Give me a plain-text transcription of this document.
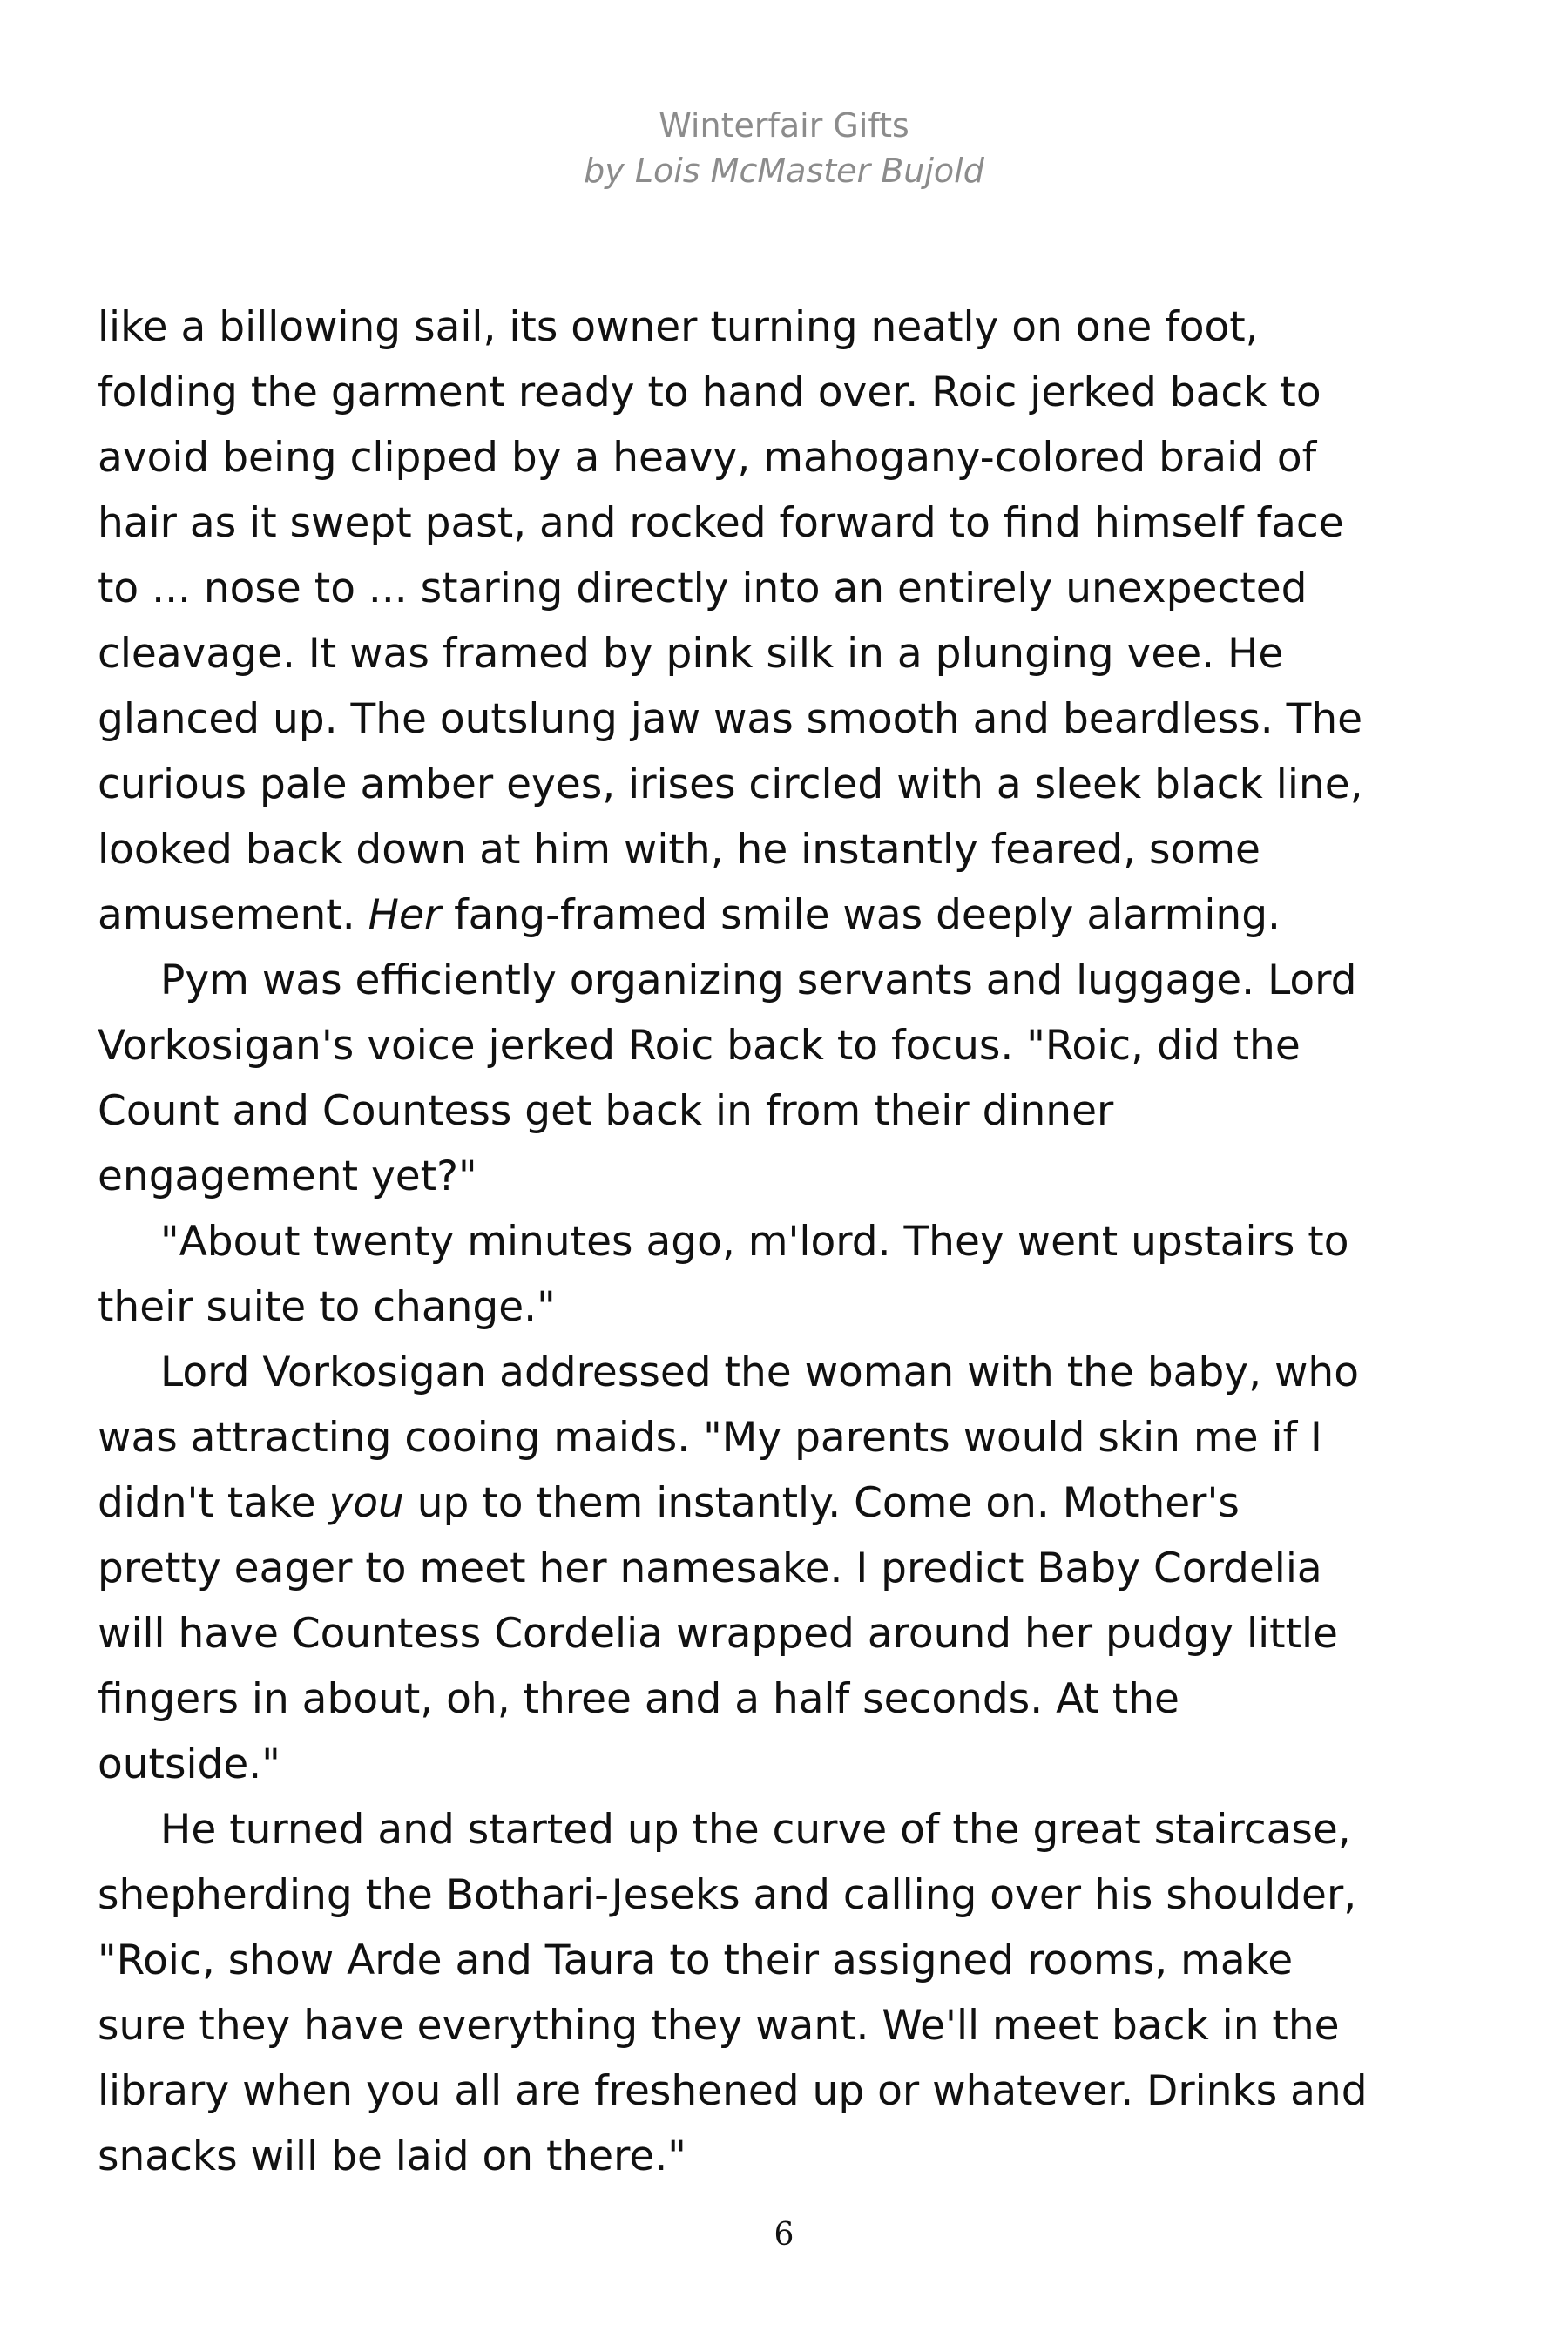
Winterfair Gifts
by Lois McMaster Bujold

like a billowing sail, its owner turning neatly on one foot,
folding the garment ready to hand over. Roic jerked back to
avoid being clipped by a heavy, mahogany-colored braid of
hair as it swept past, and rocked forward to find himself face
to ... nose to ... staring directly into an entirely unexpected
cleavage. It was framed by pink silk in a plunging vee. He
glanced up. The outslung jaw was smooth and beardless. The
curious pale amber eyes, irises circled with a sleek black line,
looked back down at him with, he instantly feared, some
amusement. Her fang-framed smile was deeply alarming.

Pym was efficiently organizing servants and luggage. Lord
Vorkosigan's voice jerked Roic back to focus. "Roic, did the
Count and Countess get back in from their dinner
engagement yet?"

"About twenty minutes ago, m'lord. They went upstairs to
their suite to change."

Lord Vorkosigan addressed the woman with the baby, who
was attracting cooing maids. "My parents would skin me if I
didn't take you up to them instantly. Come on. Mother's
pretty eager to meet her namesake. I predict Baby Cordelia
will have Countess Cordelia wrapped around her pudgy little
fingers in about, oh, three and a half seconds. At the
outside."

He turned and started up the curve of the great staircase,
shepherding the Bothari-Jeseks and calling over his shoulder,
"Roic, show Arde and Taura to their assigned rooms, make
sure they have everything they want. We'll meet back in the
library when you all are freshened up or whatever. Drinks and
snacks will be laid on there."

6
